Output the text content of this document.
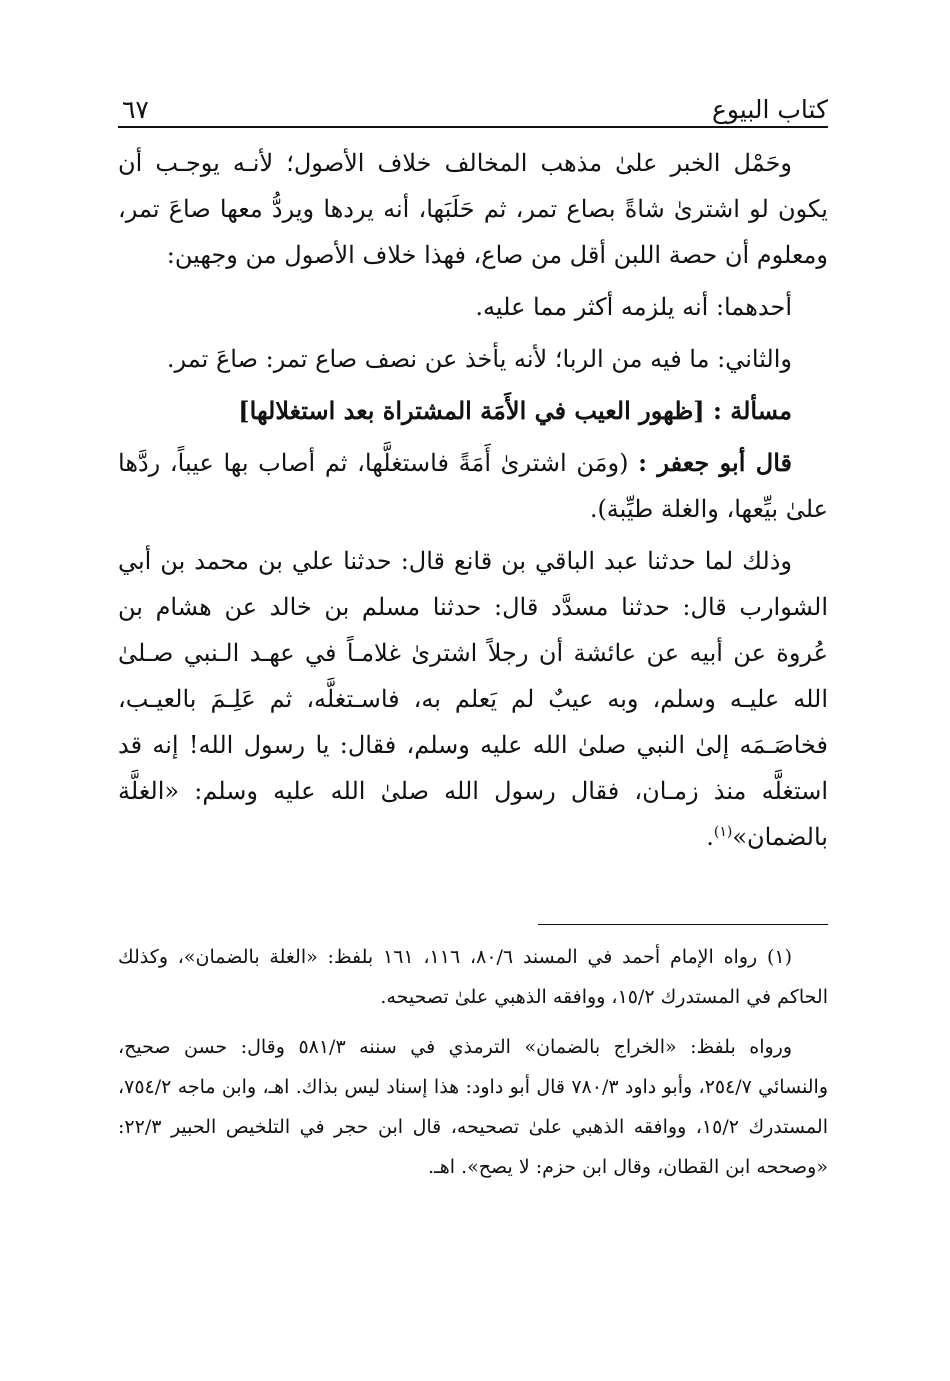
كتاب البيوع
٦٧

وحَمْل الخبر علىٰ مذهب المخالف خلاف الأصول؛ لأنـه يوجـب أن يكون لو اشترىٰ شاةً بصاع تمر، ثم حَلَبَها، أنه يردها ويردُّ معها صاعَ تمر، ومعلوم أن حصة اللبن أقل من صاع، فهذا خلاف الأصول من وجهين:

أحدهما: أنه يلزمه أكثر مما عليه.

والثاني: ما فيه من الربا؛ لأنه يأخذ عن نصف صاع تمر: صاعَ تمر.

مسألة : [ظهور العيب في الأَمَة المشتراة بعد استغلالها]

قال أبو جعفر : (ومَن اشترىٰ أَمَةً فاستغلَّها، ثم أصاب بها عيباً، ردَّها علىٰ بيِّعها، والغلة طيِّبة).

وذلك لما حدثنا عبد الباقي بن قانع قال: حدثنا علي بن محمد بن أبي الشوارب قال: حدثنا مسدَّد قال: حدثنا مسلم بن خالد عن هشام بن عُروة عن أبيه عن عائشة أن رجلاً اشترىٰ غلامـاً في عهـد الـنبي صـلىٰ الله عليـه وسلم، وبه عيبٌ لم يَعلم به، فاسـتغلَّه، ثم عَلِـمَ بالعيـب، فخاصَـمَه إلىٰ النبي صلىٰ الله عليه وسلم، فقال: يا رسول الله! إنه قد استغلَّه منذ زمـان، فقال رسول الله صلىٰ الله عليه وسلم: «الغلَّة بالضمان»$^{(١)}$.

(١) رواه الإمام أحمد في المسند ٨٠/٦، ١١٦، ١٦١ بلفظ: «الغلة بالضمان»، وكذلك الحاكم في المستدرك ١٥/٢، ووافقه الذهبي علىٰ تصحيحه.

ورواه بلفظ: «الخراج بالضمان» الترمذي في سننه ٥٨١/٣ وقال: حسن صحيح، والنسائي ٢٥٤/٧، وأبو داود ٧٨٠/٣ قال أبو داود: هذا إسناد ليس بذاك. اهـ، وابن ماجه ٧٥٤/٢، المستدرك ١٥/٢، ووافقه الذهبي علىٰ تصحيحه، قال ابن حجر في التلخيص الحبير ٢٢/٣: «وصححه ابن القطان، وقال ابن حزم: لا يصح». اهـ.
